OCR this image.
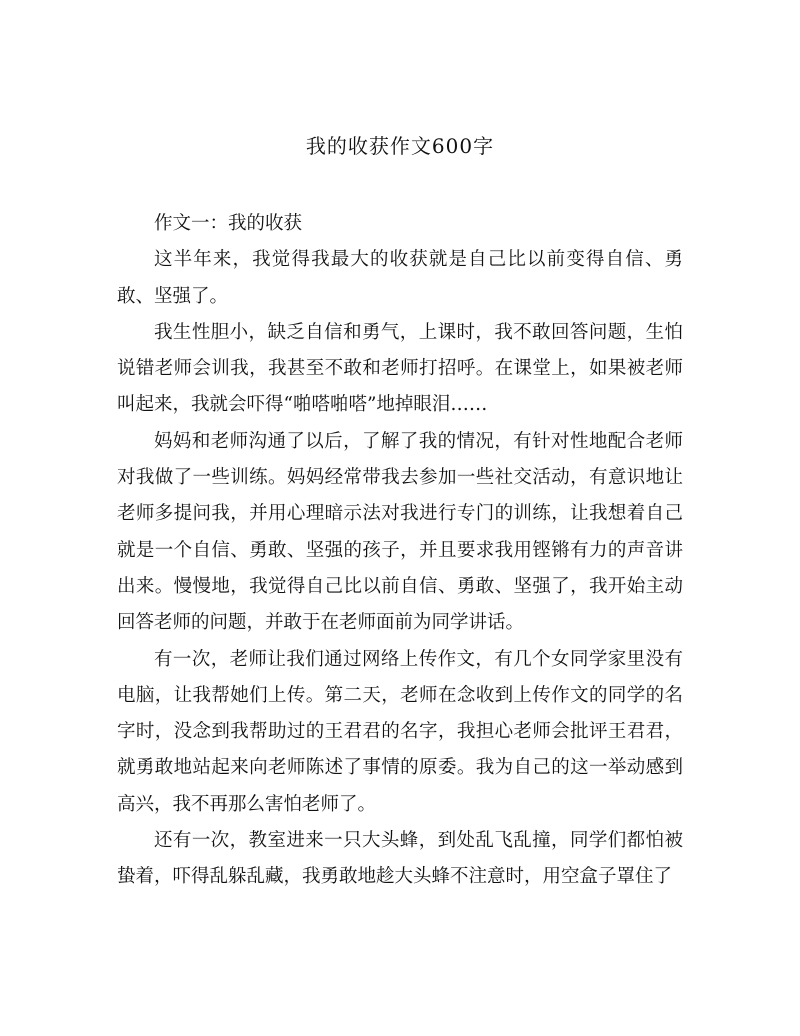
我的收获作文600字

作文一：我的收获

这半年来，我觉得我最大的收获就是自己比以前变得自信、勇敢、坚强了。

我生性胆小，缺乏自信和勇气，上课时，我不敢回答问题，生怕说错老师会训我，我甚至不敢和老师打招呼。在课堂上，如果被老师叫起来，我就会吓得“啪嗒啪嗒”地掉眼泪……

妈妈和老师沟通了以后，了解了我的情况，有针对性地配合老师对我做了一些训练。妈妈经常带我去参加一些社交活动，有意识地让老师多提问我，并用心理暗示法对我进行专门的训练，让我想着自己就是一个自信、勇敢、坚强的孩子，并且要求我用铿锵有力的声音讲出来。慢慢地，我觉得自己比以前自信、勇敢、坚强了，我开始主动回答老师的问题，并敢于在老师面前为同学讲话。

有一次，老师让我们通过网络上传作文，有几个女同学家里没有电脑，让我帮她们上传。第二天，老师在念收到上传作文的同学的名字时，没念到我帮助过的王君君的名字，我担心老师会批评王君君，就勇敢地站起来向老师陈述了事情的原委。我为自己的这一举动感到高兴，我不再那么害怕老师了。

还有一次，教室进来一只大头蜂，到处乱飞乱撞，同学们都怕被蛰着，吓得乱躲乱藏，我勇敢地趁大头蜂不注意时，用空盒子罩住了
